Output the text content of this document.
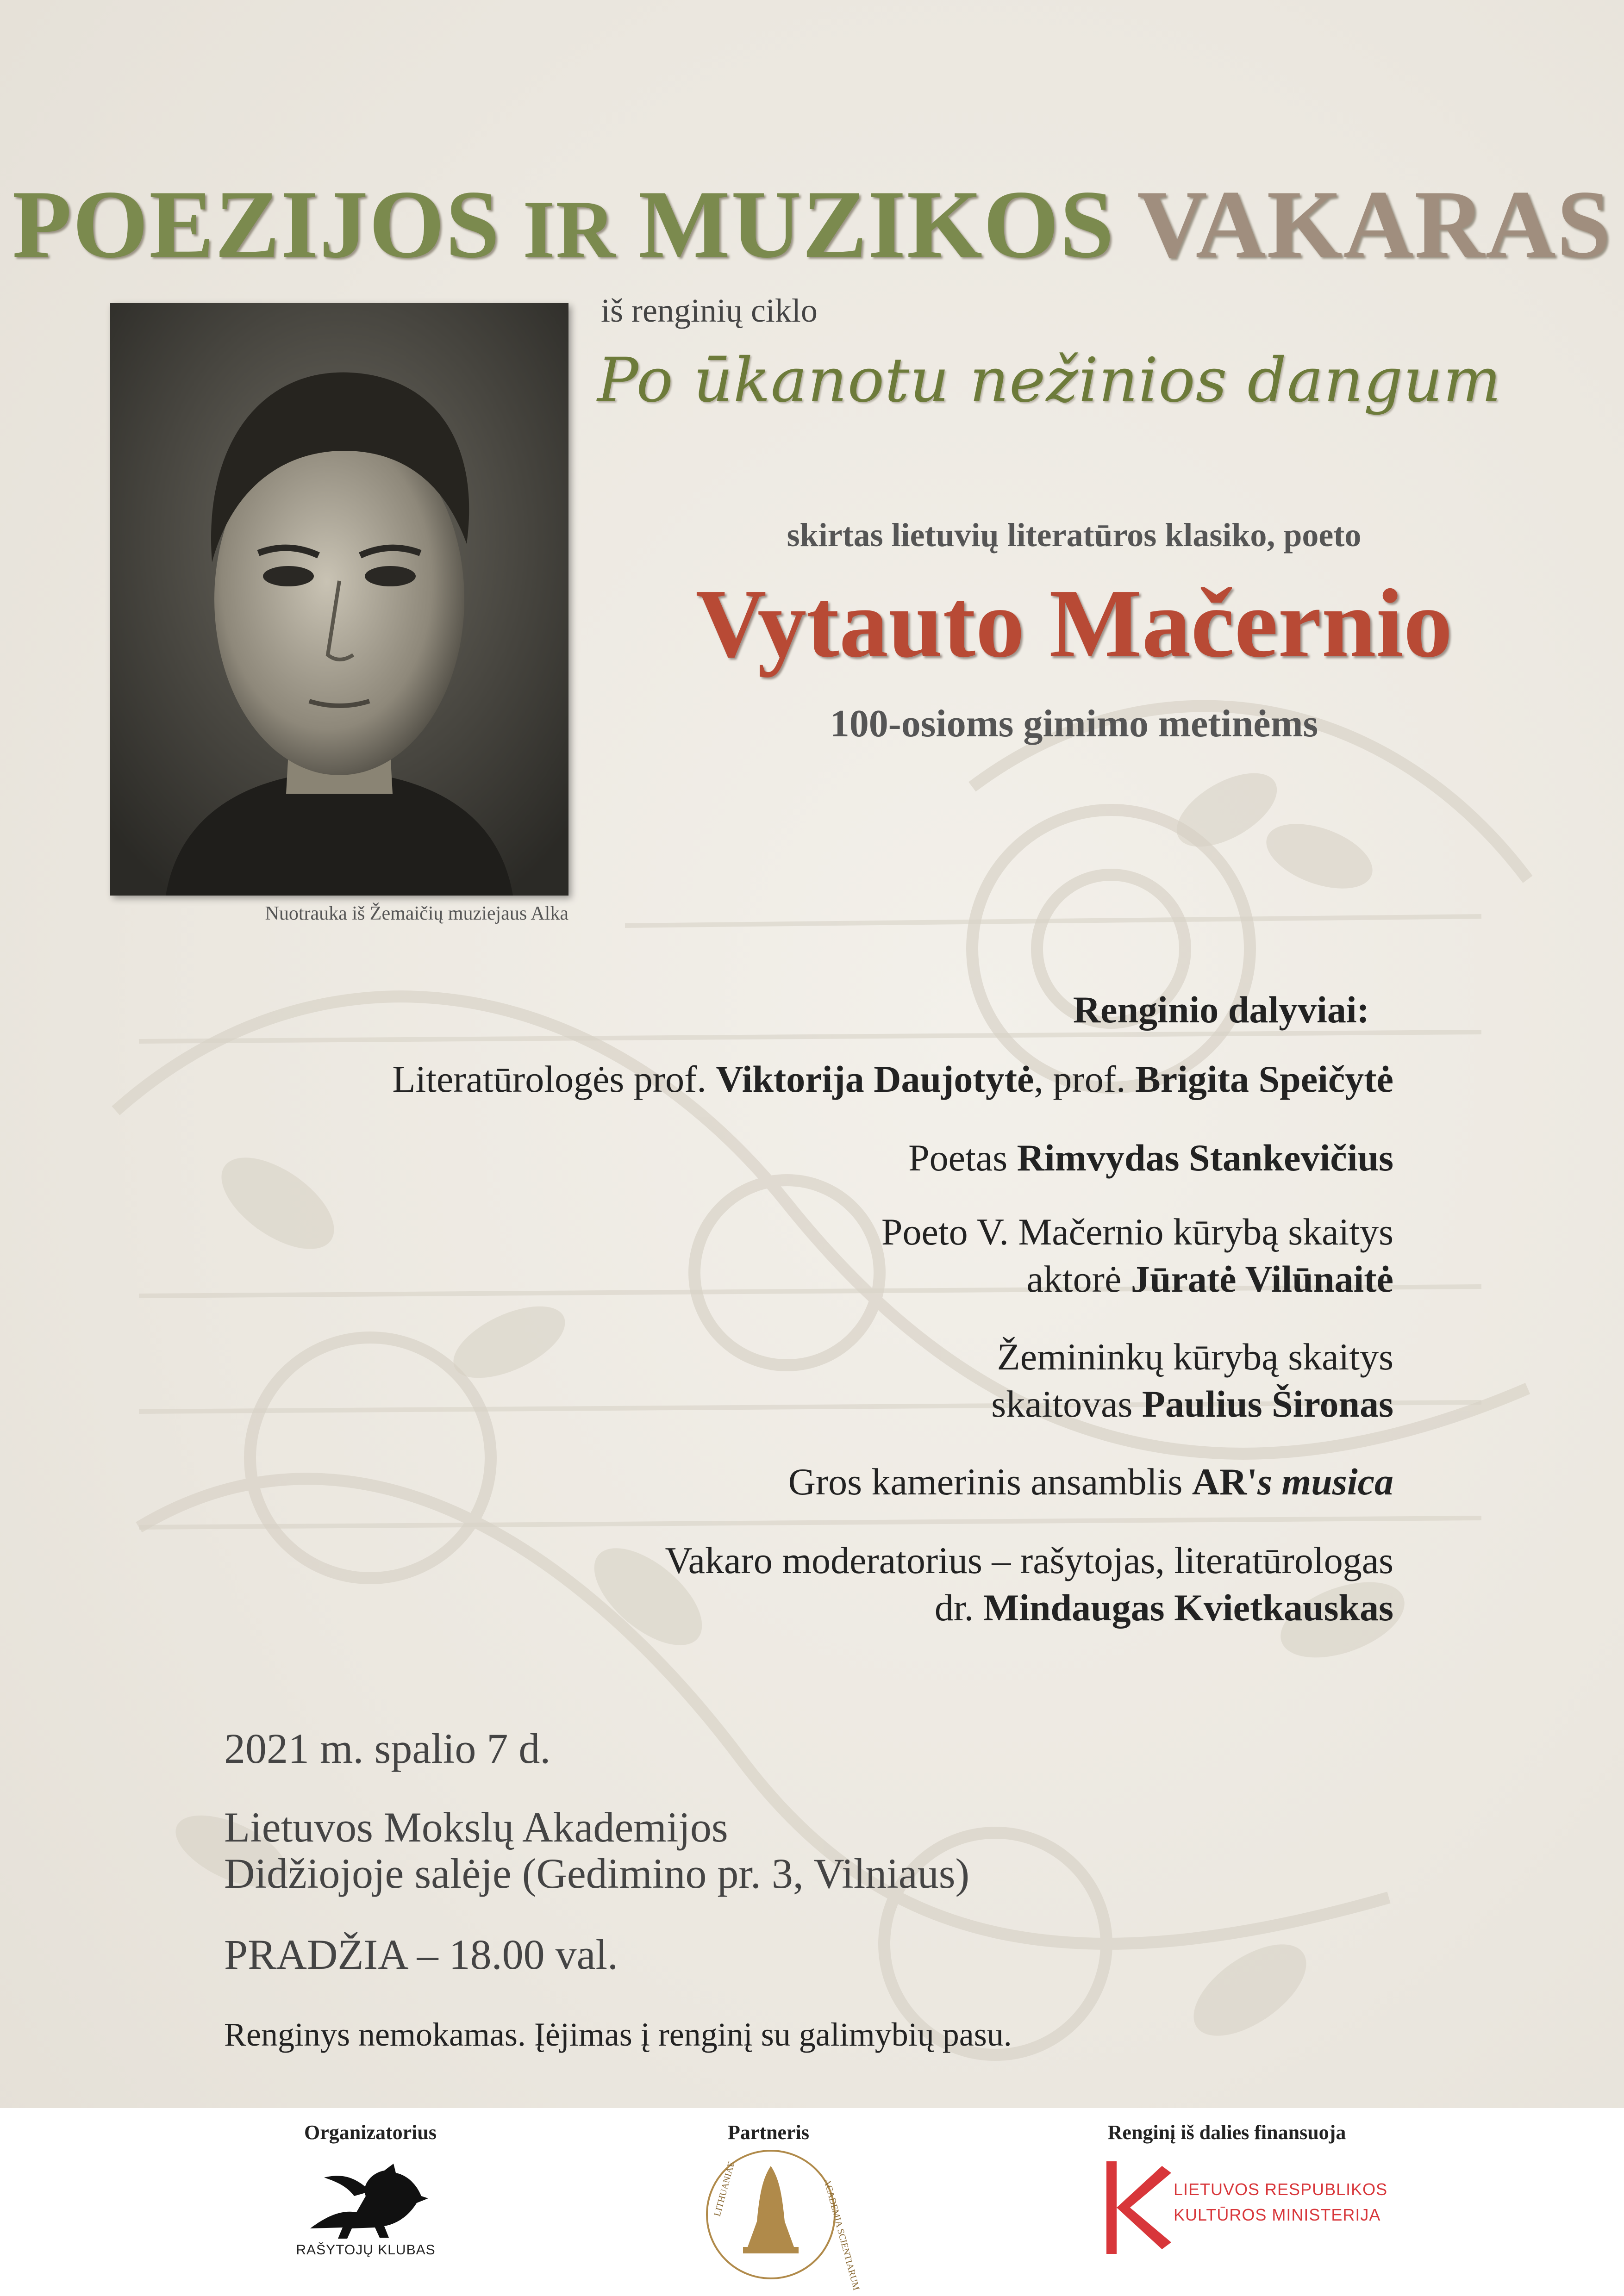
POEZIJOS IR MUZIKOS VAKARAS

Nuotrauka iš Žemaičių muziejaus Alka

iš renginių ciklo

Po ūkanotu nežinios dangum

skirtas lietuvių literatūros klasiko, poeto

Vytauto Mačernio

100-osioms gimimo metinėms

Renginio dalyviai:

Literatūrologės prof. Viktorija Daujotytė, prof. Brigita Speičytė

Poetas Rimvydas Stankevičius

Poeto V. Mačernio kūrybą skaitys

aktorė Jūratė Vilūnaitė

Žemininkų kūrybą skaitys

skaitovas Paulius Šironas

Gros kamerinis ansamblis AR's musica

Vakaro moderatorius – rašytojas, literatūrologas

dr. Mindaugas Kvietkauskas

2021 m. spalio 7 d.

Lietuvos Mokslų Akademijos

Didžiojoje salėje (Gedimino pr. 3, Vilniaus)

PRADŽIA – 18.00 val.

Renginys nemokamas. Įėjimas į renginį su galimybių pasu.

Organizatorius	Partneris	Renginį iš dalies finansuoja
RAŠYTOJŲ KLUBAS
LITHUANIAE	ACADEMIA SCIENTIARUM	LIETUVOS RESPUBLIKOS
KULTŪROS MINISTERIJA
